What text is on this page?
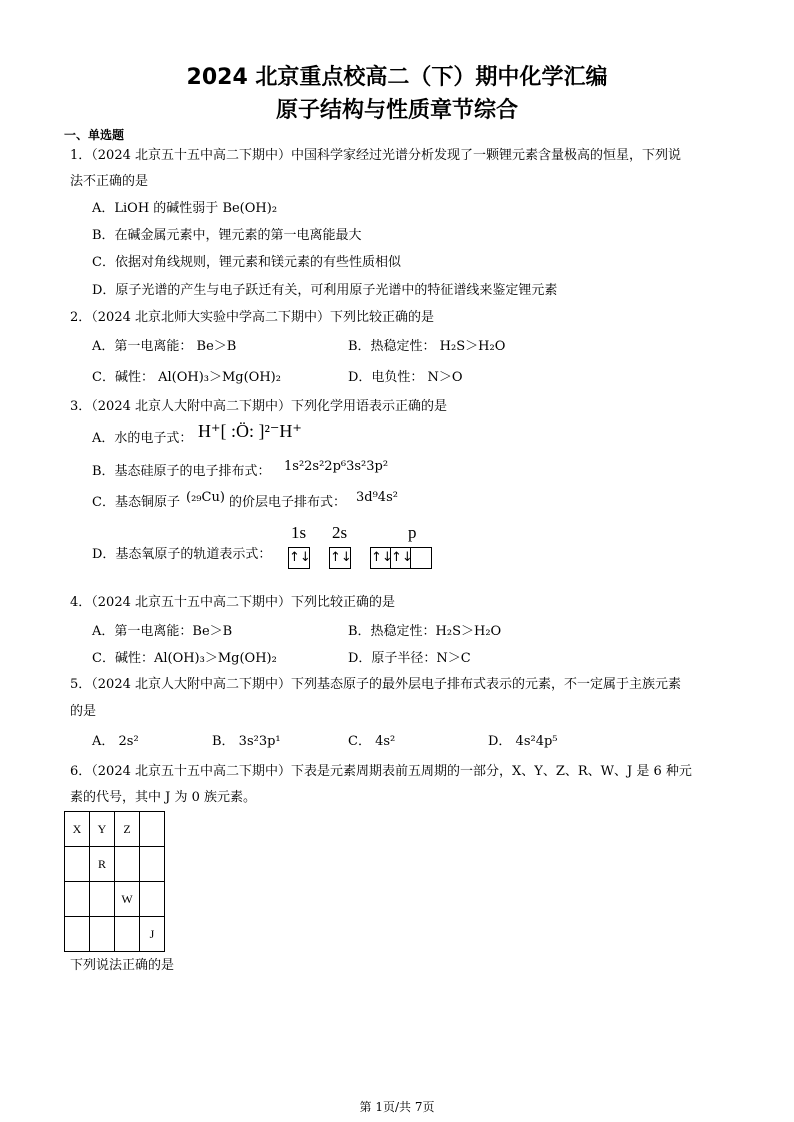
2024 北京重点校高二（下）期中化学汇编
原子结构与性质章节综合
一、单选题
1．（2024 北京五十五中高二下期中）中国科学家经过光谱分析发现了一颗锂元素含量极高的恒星，下列说
法不正确的是
A．LiOH 的碱性弱于 Be(OH)₂
B．在碱金属元素中，锂元素的第一电离能最大
C．依据对角线规则，锂元素和镁元素的有些性质相似
D．原子光谱的产生与电子跃迁有关，可利用原子光谱中的特征谱线来鉴定锂元素
2．（2024 北京北师大实验中学高二下期中）下列比较正确的是
A．第一电离能： Be＞B	B．热稳定性： H₂S＞H₂O
C．碱性： Al(OH)₃＞Mg(OH)₂	D．电负性： N＞O
3．（2024 北京人大附中高二下期中）下列化学用语表示正确的是
A．水的电子式： H⁺[ :Ö: ]²⁻H⁺
B．基态硅原子的电子排布式： 1s²2s²2p⁶3s²3p²
C．基态铜原子 (₂₉Cu) 的价层电子排布式： 3d⁹4s²
D．基态氧原子的轨道表示式：
1s 2s	p
↑↓ ↑↓ ↑↓
↑↓
4．（2024 北京五十五中高二下期中）下列比较正确的是
A．第一电离能：Be＞B	B．热稳定性：H₂S＞H₂O
C．碱性：Al(OH)₃＞Mg(OH)₂	D．原子半径：N＞C
5．（2024 北京人大附中高二下期中）下列基态原子的最外层电子排布式表示的元素，不一定属于主族元素
的是
A． 2s²	B． 3s²3p¹	C． 4s²	D． 4s²4p⁵
6．（2024 北京五十五中高二下期中）下表是元素周期表前五周期的一部分，X、Y、Z、R、W、J 是 6 种元
素的代号，其中 J 为 0 族元素。
X	Y	Z	
	R		
		W	
			J
下列说法正确的是
第 1页/共 7页
